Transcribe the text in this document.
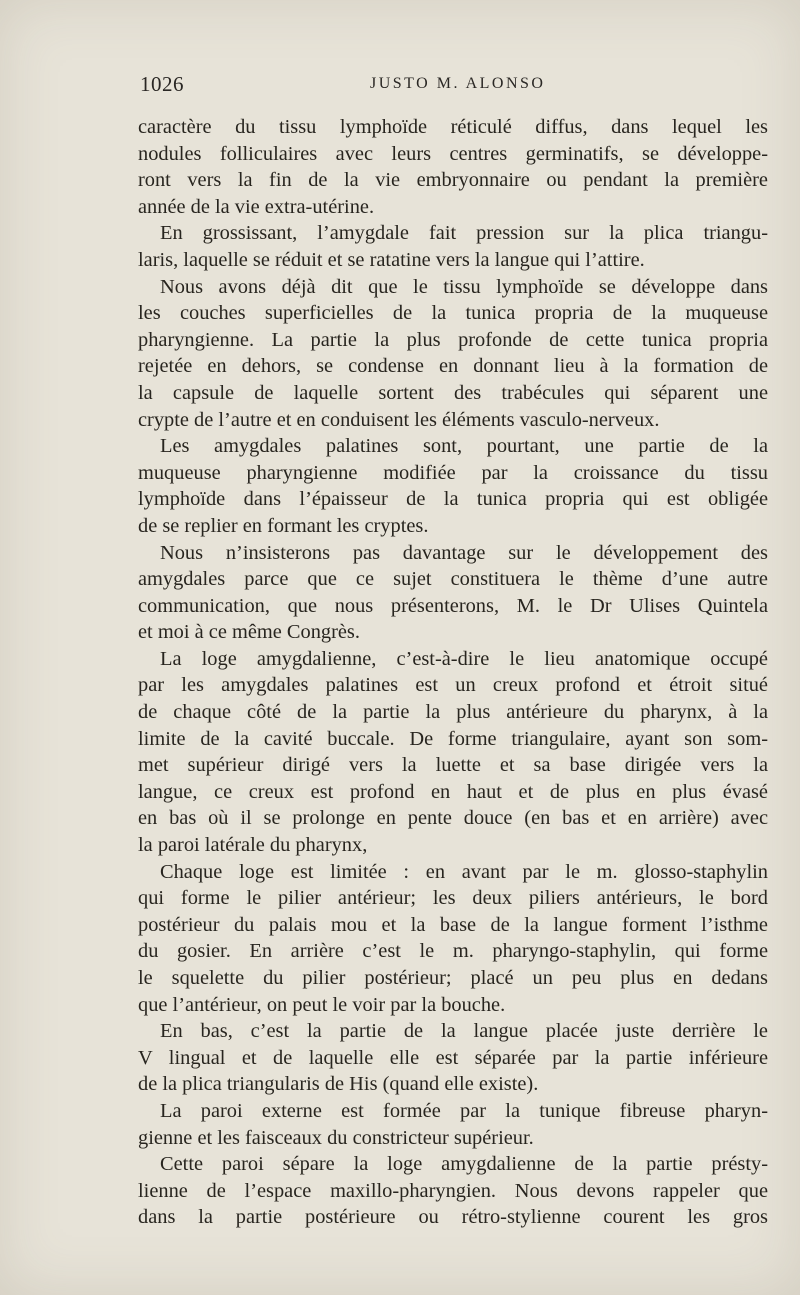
1026	JUSTO M. ALONSO
caractère du tissu lymphoïde réticulé diffus, dans lequel les
nodules folliculaires avec leurs centres germinatifs, se développe-
ront vers la fin de la vie embryonnaire ou pendant la première
année de la vie extra-utérine.
En grossissant, l’amygdale fait pression sur la plica triangu-
laris, laquelle se réduit et se ratatine vers la langue qui l’attire.
Nous avons déjà dit que le tissu lymphoïde se développe dans
les couches superficielles de la tunica propria de la muqueuse
pharyngienne. La partie la plus profonde de cette tunica propria
rejetée en dehors, se condense en donnant lieu à la formation de
la capsule de laquelle sortent des trabécules qui séparent une
crypte de l’autre et en conduisent les éléments vasculo-nerveux.
Les amygdales palatines sont, pourtant, une partie de la
muqueuse pharyngienne modifiée par la croissance du tissu
lymphoïde dans l’épaisseur de la tunica propria qui est obligée
de se replier en formant les cryptes.
Nous n’insisterons pas davantage sur le développement des
amygdales parce que ce sujet constituera le thème d’une autre
communication, que nous présenterons, M. le Dr Ulises Quintela
et moi à ce même Congrès.
La loge amygdalienne, c’est-à-dire le lieu anatomique occupé
par les amygdales palatines est un creux profond et étroit situé
de chaque côté de la partie la plus antérieure du pharynx, à la
limite de la cavité buccale. De forme triangulaire, ayant son som-
met supérieur dirigé vers la luette et sa base dirigée vers la
langue, ce creux est profond en haut et de plus en plus évasé
en bas où il se prolonge en pente douce (en bas et en arrière) avec
la paroi latérale du pharynx,
Chaque loge est limitée : en avant par le m. glosso-staphylin
qui forme le pilier antérieur; les deux piliers antérieurs, le bord
postérieur du palais mou et la base de la langue forment l’isthme
du gosier. En arrière c’est le m. pharyngo-staphylin, qui forme
le squelette du pilier postérieur; placé un peu plus en dedans
que l’antérieur, on peut le voir par la bouche.
En bas, c’est la partie de la langue placée juste derrière le
V lingual et de laquelle elle est séparée par la partie inférieure
de la plica triangularis de His (quand elle existe).
La paroi externe est formée par la tunique fibreuse pharyn-
gienne et les faisceaux du constricteur supérieur.
Cette paroi sépare la loge amygdalienne de la partie présty-
lienne de l’espace maxillo-pharyngien. Nous devons rappeler que
dans la partie postérieure ou rétro-stylienne courent les gros
